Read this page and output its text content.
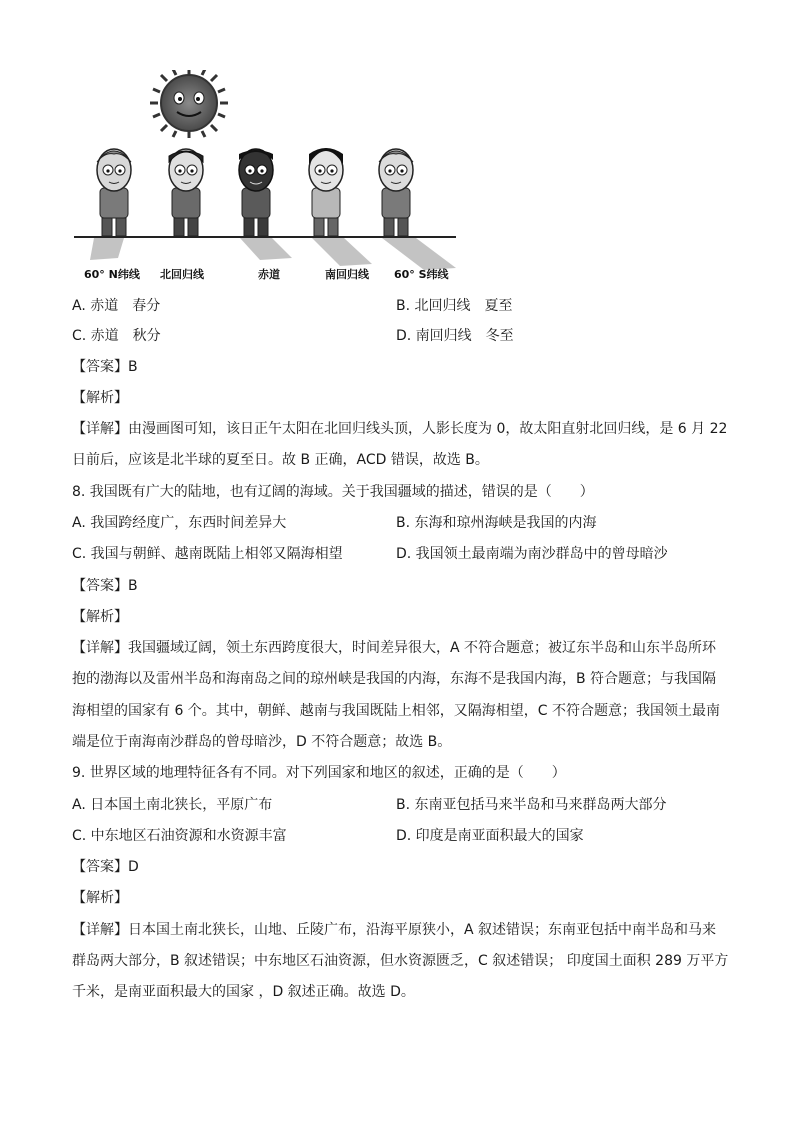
60° N纬线 北回归线	赤道	南回归线 60° S纬线
A. 赤道　春分	B. 北回归线　夏至
C. 赤道　秋分	D. 南回归线　冬至
【答案】B
【解析】
【详解】由漫画图可知，该日正午太阳在北回归线头顶，人影长度为 0，故太阳直射北回归线，是 6 月 22
日前后，应该是北半球的夏至日。故 B 正确，ACD 错误，故选 B。
8. 我国既有广大的陆地，也有辽阔的海域。关于我国疆域的描述，错误的是（　　）
A. 我国跨经度广，东西时间差异大	B. 东海和琼州海峡是我国的内海
C. 我国与朝鲜、越南既陆上相邻又隔海相望	D. 我国领土最南端为南沙群岛中的曾母暗沙
【答案】B
【解析】
【详解】我国疆域辽阔，领土东西跨度很大，时间差异很大，A 不符合题意；被辽东半岛和山东半岛所环
抱的渤海以及雷州半岛和海南岛之间的琼州峡是我国的内海，东海不是我国内海，B 符合题意；与我国隔
海相望的国家有 6 个。其中，朝鲜、越南与我国既陆上相邻，又隔海相望，C 不符合题意；我国领土最南
端是位于南海南沙群岛的曾母暗沙，D 不符合题意；故选 B。
9. 世界区域的地理特征各有不同。对下列国家和地区的叙述，正确的是（　　）
A. 日本国土南北狭长，平原广布	B. 东南亚包括马来半岛和马来群岛两大部分
C. 中东地区石油资源和水资源丰富	D. 印度是南亚面积最大的国家
【答案】D
【解析】
【详解】日本国土南北狭长，山地、丘陵广布，沿海平原狭小，A 叙述错误；东南亚包括中南半岛和马来
群岛两大部分，B 叙述错误；中东地区石油资源，但水资源匮乏，C 叙述错误； 印度国土面积 289 万平方
千米，是南亚面积最大的国家 ，D 叙述正确。故选 D。
